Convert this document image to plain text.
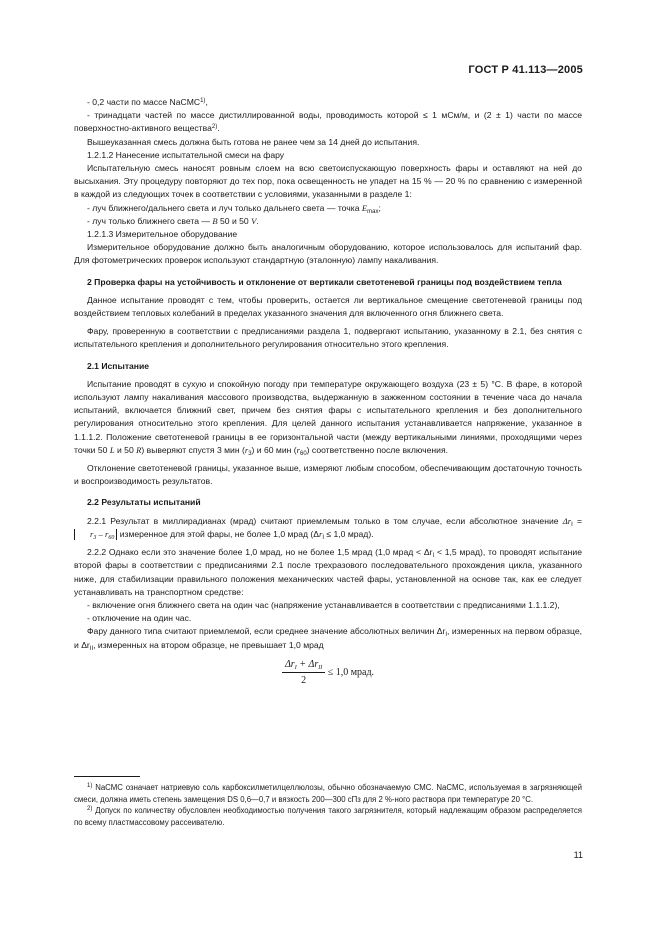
ГОСТ Р 41.113—2005

- 0,2 части по массе NaCMC$^{1)}$,

- тринадцати частей по массе дистиллированной воды, проводимость которой ≤ 1 мСм/м, и (2 ± 1) части по массе поверхностно-активного вещества$^{2)}$.

Вышеуказанная смесь должна быть готова не ранее чем за 14 дней до испытания.

1.2.1.2 Нанесение испытательной смеси на фару

Испытательную смесь наносят ровным слоем на всю светоиспускающую поверхность фары и оставляют на ней до высыхания. Эту процедуру повторяют до тех пор, пока освещенность не упадет на 15 % — 20 % по сравнению с измеренной в каждой из следующих точек в соответствии с условиями, указанными в разделе 1:

- луч ближнего/дальнего света и луч только дальнего света — точка $E_{max}$;

- луч только ближнего света — B 50 и 50 V.

1.2.1.3 Измерительное оборудование

Измерительное оборудование должно быть аналогичным оборудованию, которое использовалось для испытаний фар. Для фотометрических проверок используют стандартную (эталонную) лампу накаливания.

2 Проверка фары на устойчивость и отклонение от вертикали светотеневой границы под воздействием тепла

Данное испытание проводят с тем, чтобы проверить, остается ли вертикальное смещение светотеневой границы под воздействием тепловых колебаний в пределах указанного значения для включенного огня ближнего света.

Фару, проверенную в соответствии с предписаниями раздела 1, подвергают испытанию, указанному в 2.1, без снятия с испытательного крепления и дополнительного регулирования относительно этого крепления.

2.1 Испытание

Испытание проводят в сухую и спокойную погоду при температуре окружающего воздуха (23 ± 5) °С. В фаре, в которой используют лампу накаливания массового производства, выдержанную в зажженном состоянии в течение часа до начала испытаний, включается ближний свет, причем без снятия фары с испытательного крепления и без дополнительного регулирования относительно этого крепления. Для целей данного испытания устанавливается напряжение, указанное в 1.1.1.2. Положение светотеневой границы в ее горизонтальной части (между вертикальными линиями, проходящими через точки 50 L и 50 R) выверяют спустя 3 мин $(r_3)$ и 60 мин $(r_{60})$ соответственно после включения.

Отклонение светотеневой границы, указанное выше, измеряют любым способом, обеспечивающим достаточную точность и воспроизводимость результатов.

2.2 Результаты испытаний

2.2.1 Результат в миллирадианах (мрад) считают приемлемым только в том случае, если абсолютное значение $\Delta r_I = r_3 - r_{60}$ измеренное для этой фары, не более 1,0 мрад ($\Delta r_I \le 1,0$ мрад).

2.2.2 Однако если это значение более 1,0 мрад, но не более 1,5 мрад (1,0 мрад < $\Delta r_I < 1,5$ мрад), то проводят испытание второй фары в соответствии с предписаниями 2.1 после трехразового последовательного прохождения цикла, указанного ниже, для стабилизации правильного положения механических частей фары, установленной на основе так, как ее следует устанавливать на транспортном средстве:

- включение огня ближнего света на один час (напряжение устанавливается в соответствии с предписаниями 1.1.1.2),

- отключение на один час.

Фару данного типа считают приемлемой, если среднее значение абсолютных величин $\Delta r_I$, измеренных на первом образце, и $\Delta r_{II}$, измеренных на втором образце, не превышает 1,0 мрад

$\frac{\Delta r_I + \Delta r_{II}}{2} \le 1,0$ мрад.

$^{1)}$ NaCMC означает натриевую соль карбоксилметилцеллюлозы, обычно обозначаемую CMC. NaCMC, используемая в загрязняющей смеси, должна иметь степень замещения DS 0,6—0,7 и вязкость 200—300 сПз для 2 %-ного раствора при температуре 20 °С.

$^{2)}$ Допуск по количеству обусловлен необходимостью получения такого загрязнителя, который надлежащим образом распределяется по всему пластмассовому рассеивателю.

11
